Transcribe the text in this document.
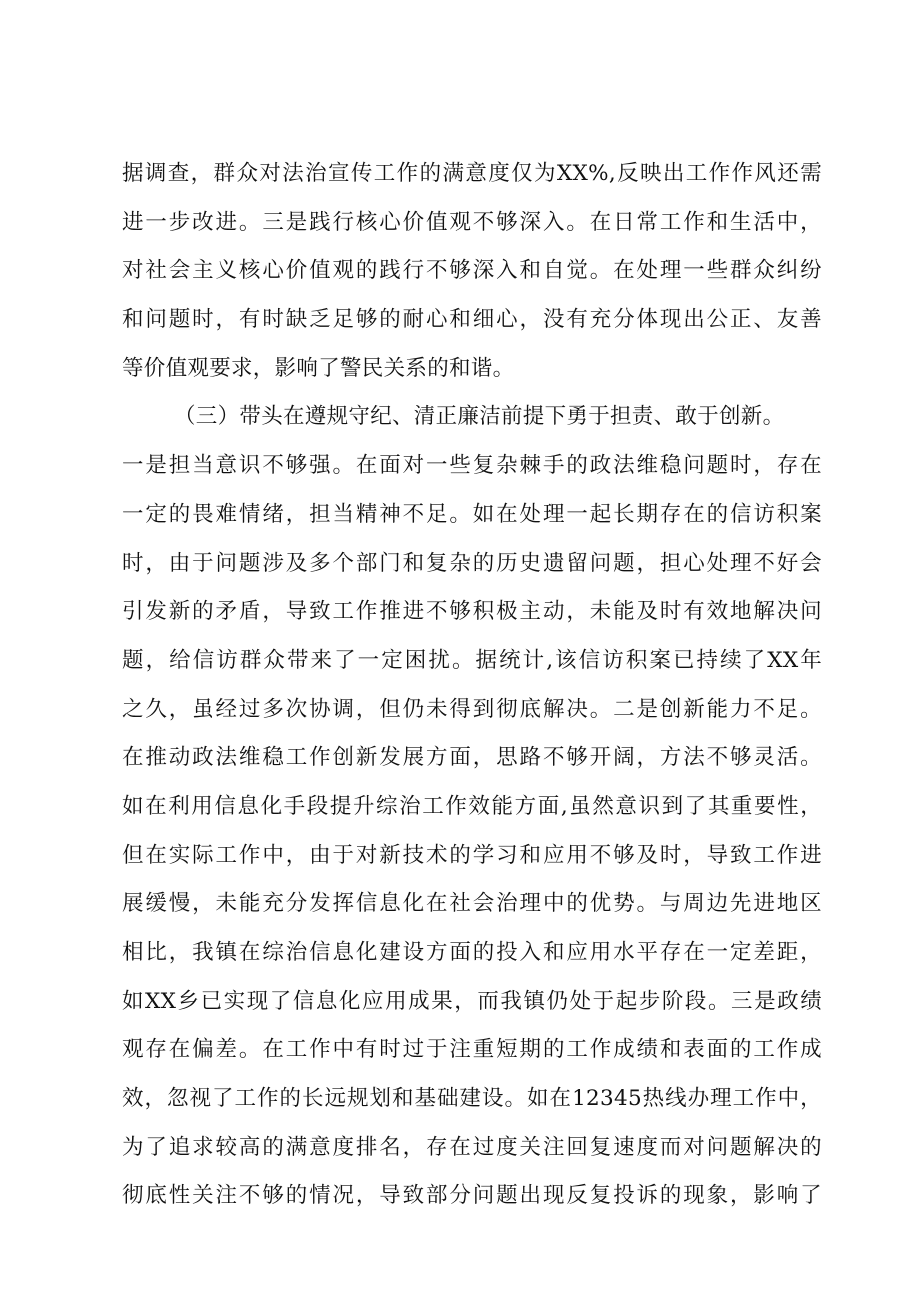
据调查，群众对法治宣传工作的满意度仅为XX%,反映出工作作风还需
进一步改进。三是践行核心价值观不够深入。在日常工作和生活中，
对社会主义核心价值观的践行不够深入和自觉。在处理一些群众纠纷
和问题时，有时缺乏足够的耐心和细心，没有充分体现出公正、友善
等价值观要求，影响了警民关系的和谐。
（三）带头在遵规守纪、清正廉洁前提下勇于担责、敢于创新。
一是担当意识不够强。在面对一些复杂棘手的政法维稳问题时，存在
一定的畏难情绪，担当精神不足。如在处理一起长期存在的信访积案
时，由于问题涉及多个部门和复杂的历史遗留问题，担心处理不好会
引发新的矛盾，导致工作推进不够积极主动，未能及时有效地解决问
题，给信访群众带来了一定困扰。据统计,该信访积案已持续了XX年
之久，虽经过多次协调，但仍未得到彻底解决。二是创新能力不足。
在推动政法维稳工作创新发展方面，思路不够开阔，方法不够灵活。
如在利用信息化手段提升综治工作效能方面,虽然意识到了其重要性，
但在实际工作中，由于对新技术的学习和应用不够及时，导致工作进
展缓慢，未能充分发挥信息化在社会治理中的优势。与周边先进地区
相比，我镇在综治信息化建设方面的投入和应用水平存在一定差距，
如XX乡已实现了信息化应用成果，而我镇仍处于起步阶段。三是政绩
观存在偏差。在工作中有时过于注重短期的工作成绩和表面的工作成
效，忽视了工作的长远规划和基础建设。如在12345热线办理工作中，
为了追求较高的满意度排名，存在过度关注回复速度而对问题解决的
彻底性关注不够的情况，导致部分问题出现反复投诉的现象，影响了
